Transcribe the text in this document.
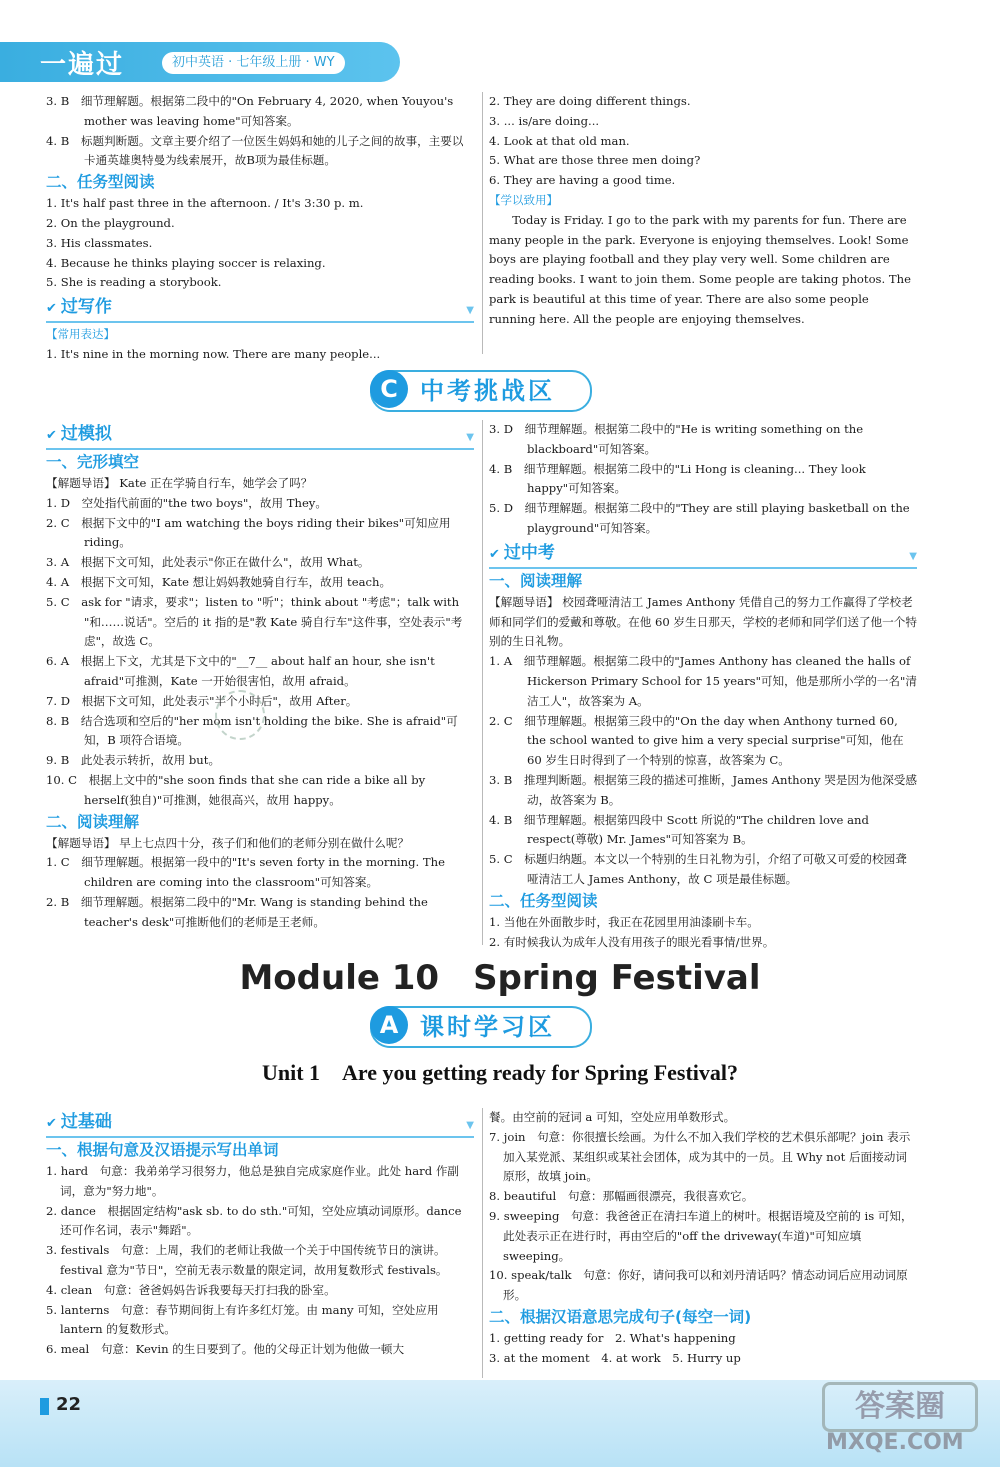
一遍过	初中英语 · 七年级上册 · WY

3. B　细节理解题。根据第二段中的"On February 4, 2020, when Youyou's mother was leaving home"可知答案。

4. B　标题判断题。文章主要介绍了一位医生妈妈和她的儿子之间的故事，主要以卡通英雄奥特曼为线索展开，故B项为最佳标题。

二、任务型阅读

1. It's half past three in the afternoon. / It's 3:30 p. m.

2. On the playground.

3. His classmates.

4. Because he thinks playing soccer is relaxing.

5. She is reading a storybook.

✔ 过写作	▼

【常用表达】

1. It's nine in the morning now. There are many people...

2. They are doing different things.

3. ... is/are doing...

4. Look at that old man.

5. What are those three men doing?

6. They are having a good time.

【学以致用】

Today is Friday. I go to the park with my parents for fun. There are many people in the park. Everyone is enjoying themselves. Look! Some boys are playing football and they play very well. Some children are reading books. I want to join them. Some people are taking photos. The park is beautiful at this time of year. There are also some people running here. All the people are enjoying themselves.

C 中考挑战区

✔ 过模拟	▼

一、完形填空

【解题导语】 Kate 正在学骑自行车，她学会了吗？

1. D　空处指代前面的"the two boys"，故用 They。

2. C　根据下文中的"I am watching the boys riding their bikes"可知应用 riding。

3. A　根据下文可知，此处表示"你正在做什么"，故用 What。

4. A　根据下文可知，Kate 想让妈妈教她骑自行车，故用 teach。

5. C　ask for "请求，要求"；listen to "听"；think about "考虑"；talk with "和……说话"。空后的 it 指的是"教 Kate 骑自行车"这件事，空处表示"考虑"，故选 C。

6. A　根据上下文，尤其是下文中的"__7__ about half an hour, she isn't afraid"可推测，Kate 一开始很害怕，故用 afraid。

7. D　根据下文可知，此处表示"半个小时后"，故用 After。

8. B　结合选项和空后的"her mom isn't holding the bike. She is afraid"可知，B 项符合语境。

9. B　此处表示转折，故用 but。

10. C　根据上文中的"she soon finds that she can ride a bike all by herself(独自)"可推测，她很高兴，故用 happy。

二、阅读理解

【解题导语】 早上七点四十分，孩子们和他们的老师分别在做什么呢？

1. C　细节理解题。根据第一段中的"It's seven forty in the morning. The children are coming into the classroom"可知答案。

2. B　细节理解题。根据第二段中的"Mr. Wang is standing behind the teacher's desk"可推断他们的老师是王老师。

3. D　细节理解题。根据第二段中的"He is writing something on the blackboard"可知答案。

4. B　细节理解题。根据第二段中的"Li Hong is cleaning... They look happy"可知答案。

5. D　细节理解题。根据第二段中的"They are still playing basketball on the playground"可知答案。

✔ 过中考	▼

一、阅读理解

【解题导语】 校园聋哑清洁工 James Anthony 凭借自己的努力工作赢得了学校老师和同学们的爱戴和尊敬。在他 60 岁生日那天，学校的老师和同学们送了他一个特别的生日礼物。

1. A　细节理解题。根据第二段中的"James Anthony has cleaned the halls of Hickerson Primary School for 15 years"可知，他是那所小学的一名"清洁工人"，故答案为 A。

2. C　细节理解题。根据第三段中的"On the day when Anthony turned 60, the school wanted to give him a very special surprise"可知，他在 60 岁生日时得到了一个特别的惊喜，故答案为 C。

3. B　推理判断题。根据第三段的描述可推断，James Anthony 哭是因为他深受感动，故答案为 B。

4. B　细节理解题。根据第四段中 Scott 所说的"The children love and respect(尊敬) Mr. James"可知答案为 B。

5. C　标题归纳题。本文以一个特别的生日礼物为引，介绍了可敬又可爱的校园聋哑清洁工人 James Anthony，故 C 项是最佳标题。

二、任务型阅读

1. 当他在外面散步时，我正在花园里用油漆刷卡车。

2. 有时候我认为成年人没有用孩子的眼光看事情/世界。

Module 10　Spring Festival
A 课时学习区
Unit 1　Are you getting ready for Spring Festival?

✔ 过基础	▼

一、根据句意及汉语提示写出单词

1. hard　句意：我弟弟学习很努力，他总是独自完成家庭作业。此处 hard 作副词，意为"努力地"。

2. dance　根据固定结构"ask sb. to do sth."可知，空处应填动词原形。dance 还可作名词，表示"舞蹈"。

3. festivals　句意：上周，我们的老师让我做一个关于中国传统节日的演讲。festival 意为"节日"，空前无表示数量的限定词，故用复数形式 festivals。

4. clean　句意：爸爸妈妈告诉我要每天打扫我的卧室。

5. lanterns　句意：春节期间街上有许多红灯笼。由 many 可知，空处应用 lantern 的复数形式。

6. meal　句意：Kevin 的生日要到了。他的父母正计划为他做一顿大

餐。由空前的冠词 a 可知，空处应用单数形式。

7. join　句意：你很擅长绘画。为什么不加入我们学校的艺术俱乐部呢？join 表示加入某党派、某组织或某社会团体，成为其中的一员。且 Why not 后面接动词原形，故填 join。

8. beautiful　句意：那幅画很漂亮，我很喜欢它。

9. sweeping　句意：我爸爸正在清扫车道上的树叶。根据语境及空前的 is 可知，此处表示正在进行时，再由空后的"off the driveway(车道)"可知应填 sweeping。

10. speak/talk　句意：你好，请问我可以和刘丹清话吗？情态动词后应用动词原形。

二、根据汉语意思完成句子(每空一词)

1. getting ready for　2. What's happening

3. at the moment　4. at work　5. Hurry up

22	答案圈
MXQE.COM
